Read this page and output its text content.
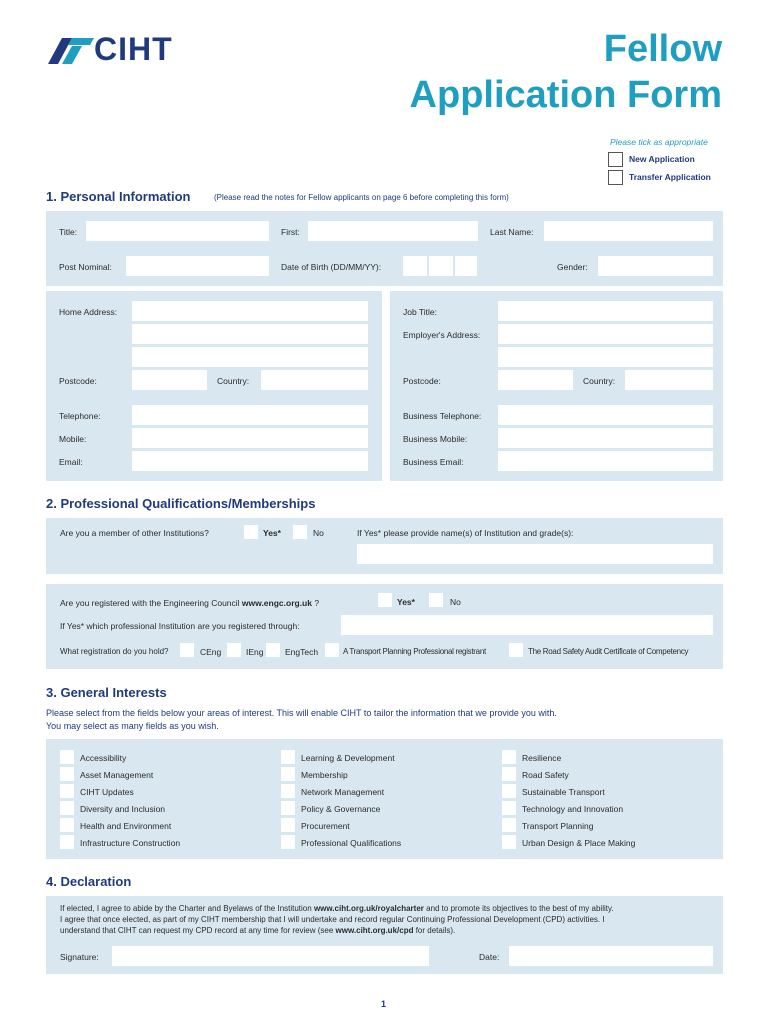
CIHT	Fellow
Application Form
Please tick as appropriate
New Application
Transfer Application
1. Personal Information	(Please read the notes for Fellow applicants on page 6 before completing this form)
Title:	First:	Last Name:
Post Nominal:	Date of Birth (DD/MM/YY):	Gender:
Home Address:
Postcode:	Country:
Telephone:
Mobile:
Email:
Job Title:
Employer's Address:
Postcode:	Country:
Business Telephone:
Business Mobile:
Business Email:
2. Professional Qualifications/Memberships
Are you a member of other Institutions?	Yes*	No	If Yes* please provide name(s) of Institution and grade(s):
Are you registered with the Engineering Council www.engc.org.uk ?	Yes*	No
If Yes* which professional Institution are you registered through:
What registration do you hold?	CEng	IEng	EngTech	A Transport Planning Professional registrant	The Road Safety Audit Certificate of Competency
3. General Interests
Please select from the fields below your areas of interest. This will enable CIHT to tailor the information that we provide you with.
You may select as many fields as you wish.
Accessibility
Asset Management
CIHT Updates
Diversity and Inclusion
Health and Environment
Infrastructure Construction
Learning & Development
Membership
Network Management
Policy & Governance
Procurement
Professional Qualifications
Resilience
Road Safety
Sustainable Transport
Technology and Innovation
Transport Planning
Urban Design & Place Making
4. Declaration
If elected, I agree to abide by the Charter and Byelaws of the Institution www.ciht.org.uk/royalcharter and to promote its objectives to the best of my ability.
I agree that once elected, as part of my CIHT membership that I will undertake and record regular Continuing Professional Development (CPD) activities. I
understand that CIHT can request my CPD record at any time for review (see www.ciht.org.uk/cpd for details).
Signature:	Date:
1
